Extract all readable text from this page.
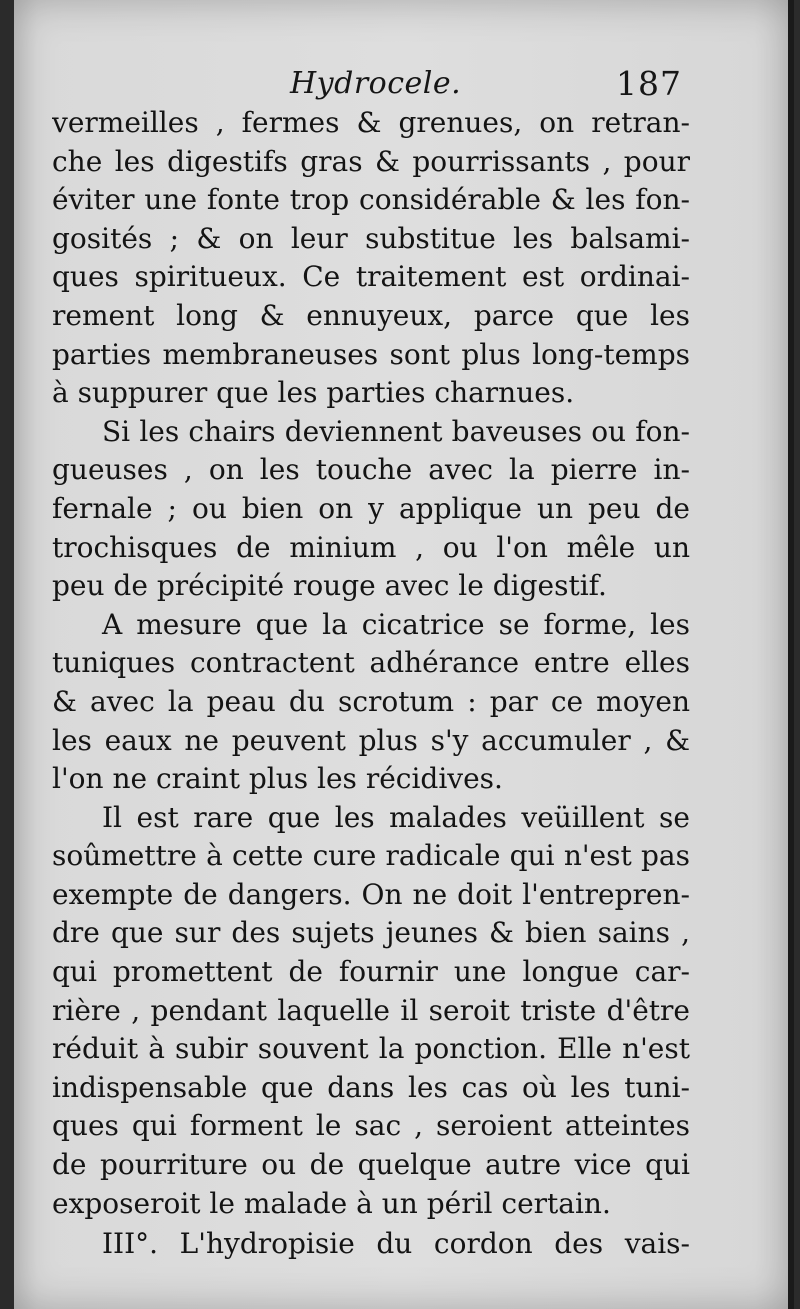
Hydrocele.	187
vermeilles , fermes & grenues, on retran-
che les digestifs gras & pourrissants , pour
éviter une fonte trop considérable & les fon-
gosités ; & on leur substitue les balsami-
ques spiritueux. Ce traitement est ordinai-
rement long & ennuyeux, parce que les
parties membraneuses sont plus long-temps
à suppurer que les parties charnues.
Si les chairs deviennent baveuses ou fon-
gueuses , on les touche avec la pierre in-
fernale ; ou bien on y applique un peu de
trochisques de minium , ou l'on mêle un
peu de précipité rouge avec le digestif.
A mesure que la cicatrice se forme, les
tuniques contractent adhérance entre elles
& avec la peau du scrotum : par ce moyen
les eaux ne peuvent plus s'y accumuler , &
l'on ne craint plus les récidives.
Il est rare que les malades veüillent se
soûmettre à cette cure radicale qui n'est pas
exempte de dangers. On ne doit l'entrepren-
dre que sur des sujets jeunes & bien sains ,
qui promettent de fournir une longue car-
rière , pendant laquelle il seroit triste d'être
réduit à subir souvent la ponction. Elle n'est
indispensable que dans les cas où les tuni-
ques qui forment le sac , seroient atteintes
de pourriture ou de quelque autre vice qui
exposeroit le malade à un péril certain.
III°. L'hydropisie du cordon des vais-
